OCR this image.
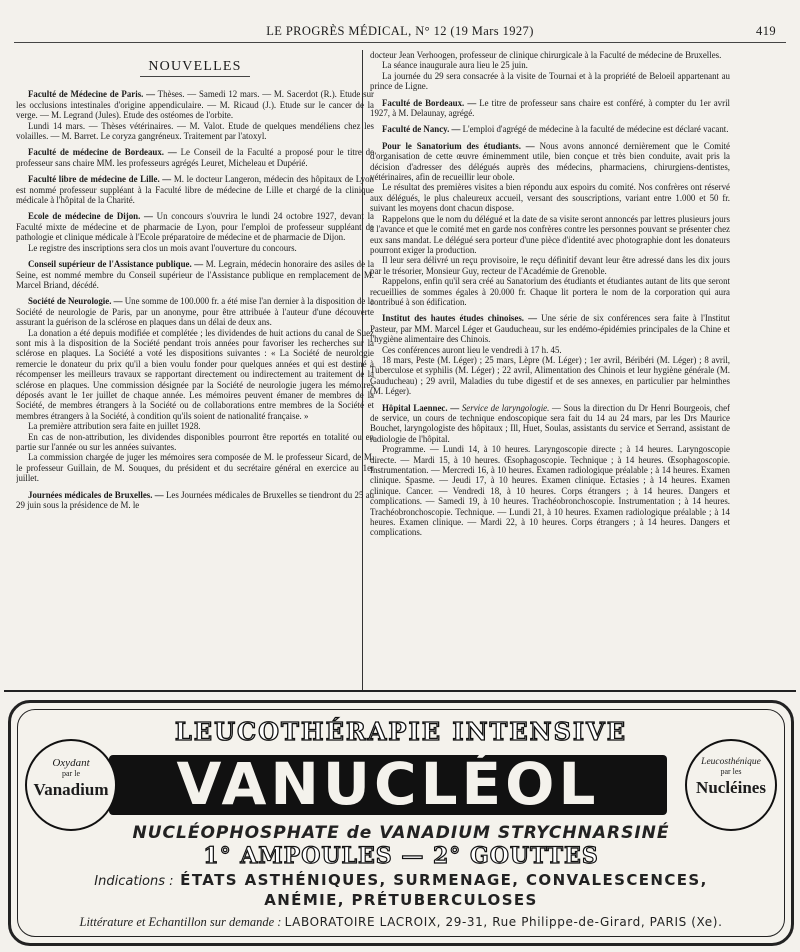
LE PROGRÈS MÉDICAL, N° 12 (19 Mars 1927)	419
NOUVELLES

Faculté de Médecine de Paris. — Thèses. — Samedi 12 mars. — M. Sacerdot (R.). Etude sur les occlusions intestinales d'origine appendiculaire. — M. Ricaud (J.). Etude sur le cancer de la verge. — M. Legrand (Jules). Etude des ostéomes de l'orbite.

Lundi 14 mars. — Thèses vétérinaires. — M. Valot. Etude de quelques mendéliens chez les volailles. — M. Barret. Le coryza gangréneux. Traitement par l'atoxyl.

Faculté de médecine de Bordeaux. — Le Conseil de la Faculté a proposé pour le titre de professeur sans chaire MM. les professeurs agrégés Leuret, Micheleau et Dupérié.

Faculté libre de médecine de Lille. — M. le docteur Langeron, médecin des hôpitaux de Lyon est nommé professeur suppléant à la Faculté libre de médecine de Lille et chargé de la clinique médicale à l'hôpital de la Charité.

Ecole de médecine de Dijon. — Un concours s'ouvrira le lundi 24 octobre 1927, devant la Faculté mixte de médecine et de pharmacie de Lyon, pour l'emploi de professeur suppléant de pathologie et clinique médicale à l'Ecole préparatoire de médecine et de pharmacie de Dijon.

Le registre des inscriptions sera clos un mois avant l'ouverture du concours.

Conseil supérieur de l'Assistance publique. — M. Legrain, médecin honoraire des asiles de la Seine, est nommé membre du Conseil supérieur de l'Assistance publique en remplacement de M. Marcel Briand, décédé.

Société de Neurologie. — Une somme de 100.000 fr. a été mise l'an dernier à la disposition de la Société de neurologie de Paris, par un anonyme, pour être attribuée à l'auteur d'une découverte assurant la guérison de la sclérose en plaques dans un délai de deux ans.

La donation a été depuis modifiée et complétée ; les dividendes de huit actions du canal de Suez sont mis à la disposition de la Société pendant trois années pour favoriser les recherches sur la sclérose en plaques. La Société a voté les dispositions suivantes : « La Société de neurologie remercie le donateur du prix qu'il a bien voulu fonder pour quelques années et qui est destiné à récompenser les meilleurs travaux se rapportant directement ou indirectement au traitement de la sclérose en plaques. Une commission désignée par la Société de neurologie jugera les mémoires déposés avant le 1er juillet de chaque année. Les mémoires peuvent émaner de membres de la Société, de membres étrangers à la Société ou de collaborations entre membres de la Société et membres étrangers à la Société, à condition qu'ils soient de nationalité française. »

La première attribution sera faite en juillet 1928.

En cas de non-attribution, les dividendes disponibles pourront être reportés en totalité ou en partie sur l'année ou sur les années suivantes.

La commission chargée de juger les mémoires sera composée de M. le professeur Sicard, de M. le professeur Guillain, de M. Souques, du président et du secrétaire général en exercice au 1er juillet.

Journées médicales de Bruxelles. — Les Journées médicales de Bruxelles se tiendront du 25 au 29 juin sous la présidence de M. le

docteur Jean Verhoogen, professeur de clinique chirurgicale à la Faculté de médecine de Bruxelles.

La séance inaugurale aura lieu le 25 juin.

La journée du 29 sera consacrée à la visite de Tournai et à la propriété de Beloeil appartenant au prince de Ligne.

Faculté de Bordeaux. — Le titre de professeur sans chaire est conféré, à compter du 1er avril 1927, à M. Delaunay, agrégé.

Faculté de Nancy. — L'emploi d'agrégé de médecine à la faculté de médecine est déclaré vacant.

Pour le Sanatorium des étudiants. — Nous avons annoncé dernièrement que le Comité d'organisation de cette œuvre éminemment utile, bien conçue et très bien conduite, avait pris la décision d'adresser des délégués auprès des médecins, pharmaciens, chirurgiens-dentistes, vétérinaires, afin de recueillir leur obole.

Le résultat des premières visites a bien répondu aux espoirs du comité. Nos confrères ont réservé aux délégués, le plus chaleureux accueil, versant des souscriptions, variant entre 1.000 et 50 fr. suivant les moyens dont chacun dispose.

Rappelons que le nom du délégué et la date de sa visite seront annoncés par lettres plusieurs jours à l'avance et que le comité met en garde nos confrères contre les personnes pouvant se présenter chez eux sans mandat. Le délégué sera porteur d'une pièce d'identité avec photographie dont les donateurs pourront exiger la production.

Il leur sera délivré un reçu provisoire, le reçu définitif devant leur être adressé dans les dix jours par le trésorier, Monsieur Guy, recteur de l'Académie de Grenoble.

Rappelons, enfin qu'il sera créé au Sanatorium des étudiants et étudiantes autant de lits que seront recueillies de sommes égales à 20.000 fr. Chaque lit portera le nom de la corporation qui aura contribué à son édification.

Institut des hautes études chinoises. — Une série de six conférences sera faite à l'Institut Pasteur, par MM. Marcel Léger et Gauducheau, sur les endémo-épidémies principales de la Chine et l'hygiène alimentaire des Chinois.

Ces conférences auront lieu le vendredi à 17 h. 45.

18 mars, Peste (M. Léger) ; 25 mars, Lèpre (M. Léger) ; 1er avril, Béribéri (M. Léger) ; 8 avril, Tuberculose et syphilis (M. Léger) ; 22 avril, Alimentation des Chinois et leur hygiène générale (M. Gauducheau) ; 29 avril, Maladies du tube digestif et de ses annexes, en particulier par helminthes (M. Léger).

Hôpital Laennec. — Service de laryngologie. — Sous la direction du Dr Henri Bourgeois, chef de service, un cours de technique endoscopique sera fait du 14 au 24 mars, par les Drs Maurice Bouchet, laryngologiste des hôpitaux ; Ill, Huet, Soulas, assistants du service et Serrand, assistant de radiologie de l'hôpital.

Programme. — Lundi 14, à 10 heures. Laryngoscopie directe ; à 14 heures. Laryngoscopie directe. — Mardi 15, à 10 heures. Œsophagoscopie. Technique ; à 14 heures. Œsophagoscopie. Instrumentation. — Mercredi 16, à 10 heures. Examen radiologique préalable ; à 14 heures. Examen clinique. Spasme. — Jeudi 17, à 10 heures. Examen clinique. Ectasies ; à 14 heures. Examen clinique. Cancer. — Vendredi 18, à 10 heures. Corps étrangers ; à 14 heures. Dangers et complications. — Samedi 19, à 10 heures. Trachéobronchoscopie. Instrumentation ; à 14 heures. Trachéobronchoscopie. Technique. — Lundi 21, à 10 heures. Examen radiologique préalable ; à 14 heures. Examen clinique. — Mardi 22, à 10 heures. Corps étrangers ; à 14 heures. Dangers et complications.

LEUCOTHÉRAPIE INTENSIVE
VANUCLÉOL
Oxydant
par le
Vanadium
Leucosthénique
par les
Nucléines
NUCLÉOPHOSPHATE de VANADIUM STRYCHNARSINÉ
1° AMPOULES — 2° GOUTTES
Indications : ÉTATS ASTHÉNIQUES, SURMENAGE, CONVALESCENCES,
ANÉMIE, PRÉTUBERCULOSES
Littérature et Echantillon sur demande : LABORATOIRE LACROIX, 29-31, Rue Philippe-de-Girard, PARIS (Xe).
